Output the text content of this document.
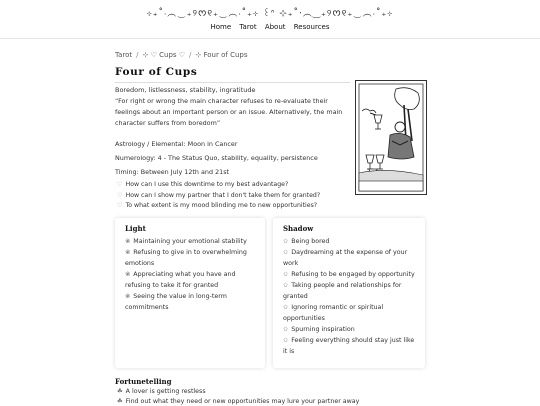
⊹₊˚‧︵‿₊୨ᰔ୧₊‿︵‧˚₊⊹ ꒰ᐢ ⊹₊˚‧︵‿₊୨ᰔ୧₊‿︵‧˚₊⊹
Home Tarot About Resources
Tarot / ⊹ ♡ Cups ♡ / ⊹ Four of Cups
Four of Cups
Boredom, listlessness, stability, ingratitude
“For right or wrong the main character refuses to re-evaluate their feelings about an important person or an issue. Alternatively, the main character suffers from boredom”
Astrology / Elemental: Moon in Cancer
Numerology: 4 - The Status Quo, stability, equality, persistence
Timing: Between July 12th and 21st
♡ How can I use this downtime to my best advantage?
♡ How can I show my partner that I don't take them for granted?
♡ To what extent is my mood blinding me to new opportunities?
Light
❀ Maintaining your emotional stability
❀ Refusing to give in to overwhelming emotions
❀ Appreciating what you have and refusing to take it for granted
❀ Seeing the value in long-term commitments
Shadow
✩ Being bored
✩ Daydreaming at the expense of your work
✩ Refusing to be engaged by opportunity
✩ Taking people and relationships for granted
✩ Ignoring romantic or spiritual opportunities
✩ Spurning inspiration
✩ Feeling everything should stay just like it is
Fortunetelling
☘ A lover is getting restless
☘ Find out what they need or new opportunities may lure your partner away
